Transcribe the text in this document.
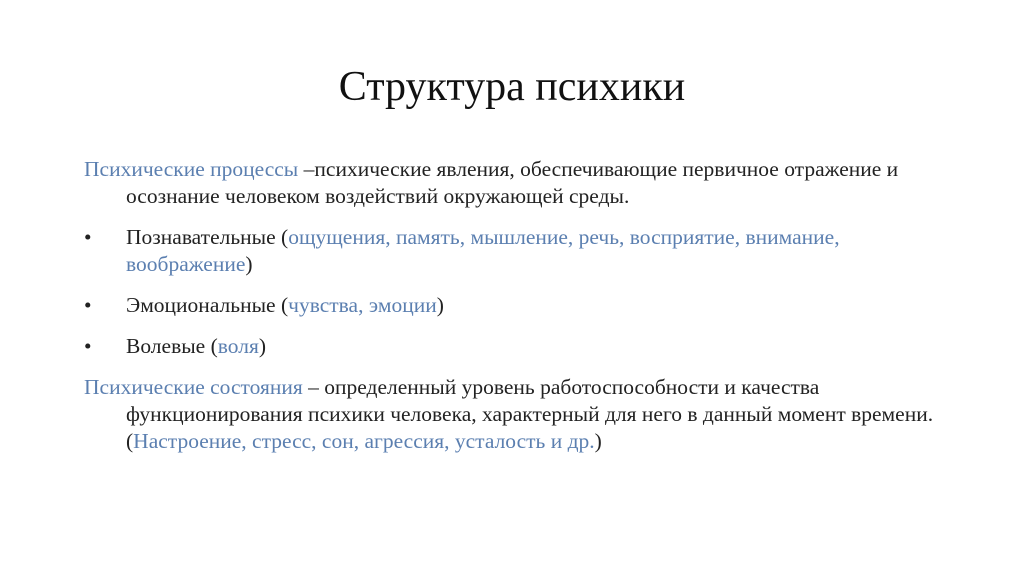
Структура психики

Психические процессы –психические явления, обеспечивающие первичное отражение и осознание человеком воздействий окружающей среды.

• Познавательные (ощущения, память, мышление, речь, восприятие, внимание, воображение)
• Эмоциональные (чувства, эмоции)
• Волевые (воля)

Психические состояния – определенный уровень работоспособности и качества функционирования психики человека, характерный для него в данный момент времени. (Настроение, стресс, сон, агрессия, усталость и др.)
